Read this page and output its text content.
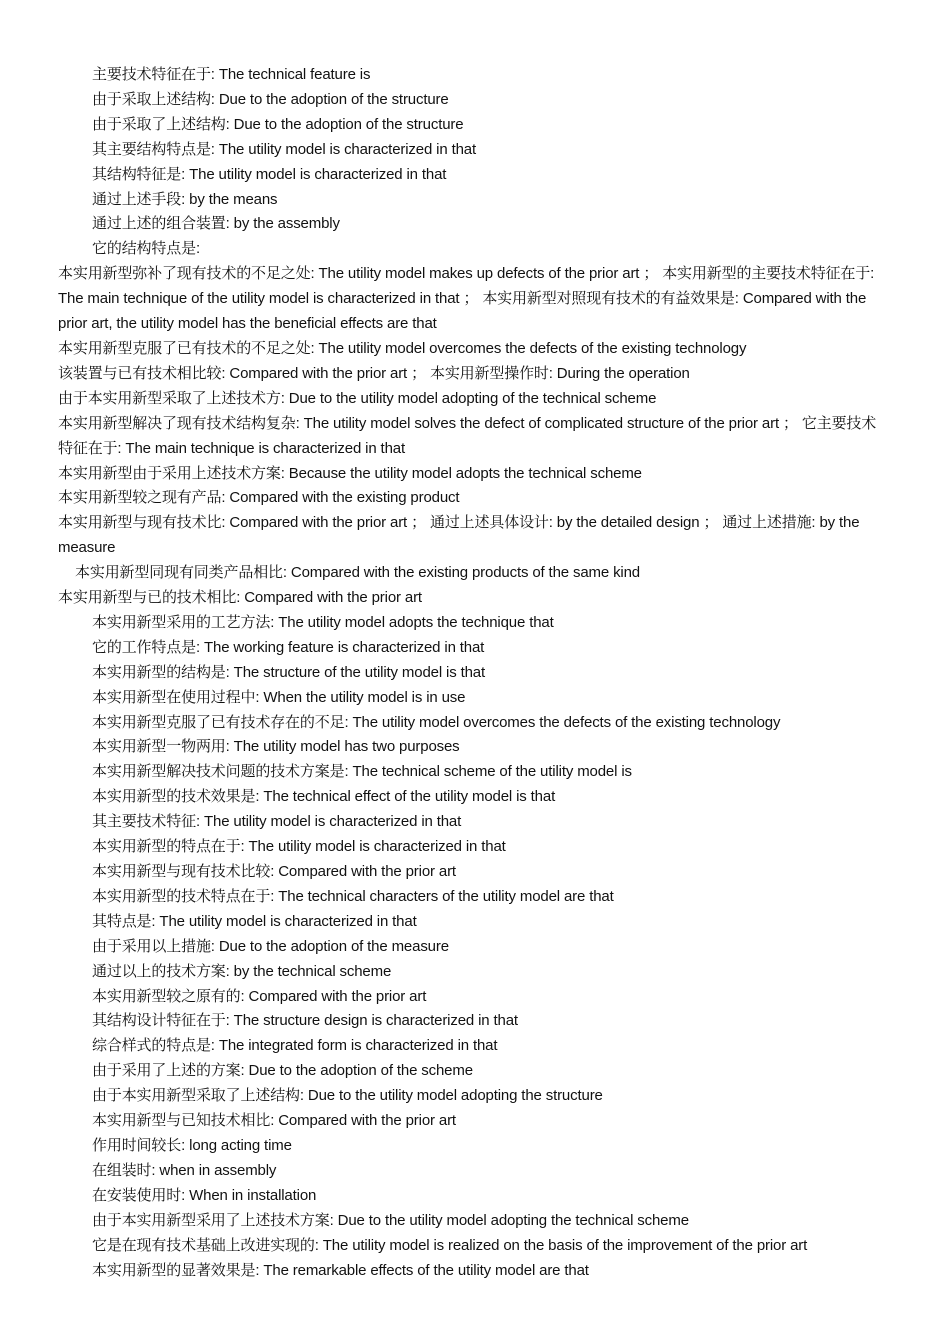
主要技术特征在于: The technical feature is
由于采取上述结构: Due to the adoption of the structure
由于采取了上述结构: Due to the adoption of the structure
其主要结构特点是: The utility model is characterized in that
其结构特征是: The utility model is characterized in that
通过上述手段: by the means
通过上述的组合装置: by the assembly
它的结构特点是:
本实用新型弥补了现有技术的不足之处: The utility model makes up defects of the prior art ； 本实用新型的主要技术特征在于: The main technique of the utility model is characterized in that ； 本实用新型对照现有技术的有益效果是: Compared with the prior art, the utility model has the beneficial effects are that
本实用新型克服了已有技术的不足之处: The utility model overcomes the defects of the existing technology
该装置与已有技术相比较: Compared with the prior art ； 本实用新型操作时: During the operation
由于本实用新型采取了上述技术方: Due to the utility model adopting of the technical scheme
本实用新型解决了现有技术结构复杂: The utility model solves the defect of complicated structure of the prior art ； 它主要技术特征在于: The main technique is characterized in that
本实用新型由于采用上述技术方案: Because the utility model adopts the technical scheme
本实用新型较之现有产品: Compared with the existing product
本实用新型与现有技术比: Compared with the prior art ； 通过上述具体设计: by the detailed design ； 通过上述措施: by the measure
本实用新型同现有同类产品相比: Compared with the existing products of the same kind
本实用新型与已的技术相比: Compared with the prior art
本实用新型采用的工艺方法: The utility model adopts the technique that
它的工作特点是: The working feature is characterized in that
本实用新型的结构是: The structure of the utility model is that
本实用新型在使用过程中: When the utility model is in use
本实用新型克服了已有技术存在的不足: The utility model overcomes the defects of the existing technology
本实用新型一物两用: The utility model has two purposes
本实用新型解决技术问题的技术方案是: The technical scheme of the utility model is
本实用新型的技术效果是: The technical effect of the utility model is that
其主要技术特征: The utility model is characterized in that
本实用新型的特点在于: The utility model is characterized in that
本实用新型与现有技术比较: Compared with the prior art
本实用新型的技术特点在于: The technical characters of the utility model are that
其特点是: The utility model is characterized in that
由于采用以上措施: Due to the adoption of the measure
通过以上的技术方案: by the technical scheme
本实用新型较之原有的: Compared with the prior art
其结构设计特征在于: The structure design is characterized in that
综合样式的特点是: The integrated form is characterized in that
由于采用了上述的方案: Due to the adoption of the scheme
由于本实用新型采取了上述结构: Due to the utility model adopting the structure
本实用新型与已知技术相比: Compared with the prior art
作用时间较长: long acting time
在组装时: when in assembly
在安装使用时: When in installation
由于本实用新型采用了上述技术方案: Due to the utility model adopting the technical scheme
它是在现有技术基础上改进实现的: The utility model is realized on the basis of the improvement of the prior art
本实用新型的显著效果是: The remarkable effects of the utility model are that
